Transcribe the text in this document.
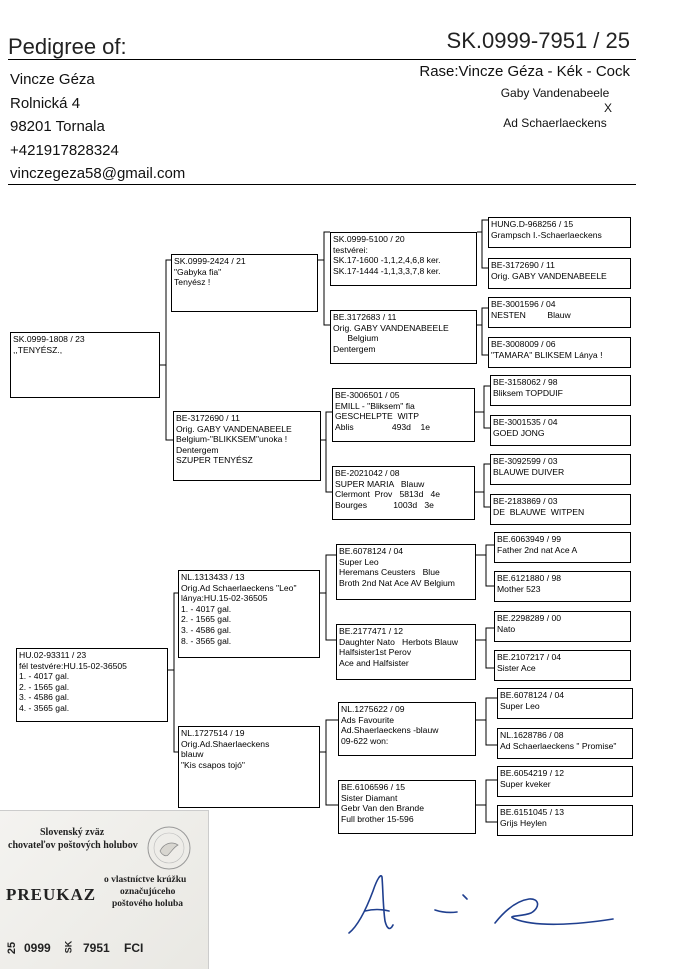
Pedigree of:	SK.0999-7951 / 25
Vincze Géza
Rolnická 4
98201 Tornala
+421917828324
vinczegeza58@gmail.com
Rase:Vincze Géza - Kék - Cock
Gaby Vandenabeele
X
Ad Schaerlaeckens
SK.0999-1808 / 23
,,TENYÉSZ.,
HU.02-93311 / 23
fél testvére:HU.15-02-36505
1. - 4017 gal.
2. - 1565 gal.
3. - 4586 gal.
4. - 3565 gal.
SK.0999-2424 / 21
"Gabyka fia"
Tenyész !
BE-3172690 / 11
Orig. GABY VANDENABEELE
Belgium-"BLIKKSEM"unoka !
Dentergem
SZUPER TENYÉSZ
NL.1313433 / 13
Orig.Ad Schaerlaeckens "Leo"
lánya:HU.15-02-36505
1. - 4017 gal.
2. - 1565 gal.
3. - 4586 gal.
8. - 3565 gal.
NL.1727514 / 19
Orig.Ad.Shaerlaeckens
blauw
"Kis csapos tojó"
SK.0999-5100 / 20
testvérei:
SK.17-1600 -1,1,2,4,6,8 ker.
SK.17-1444 -1,1,3,3,7,8 ker.
BE.3172683 / 11
Orig. GABY VANDENABEELE
Belgium
Dentergem
BE-3006501 / 05
EMILL - "Bliksem" fia
GESCHELPTE  WITP
Ablis                493d    1e
BE-2021042 / 08
SUPER MARIA   Blauw
Clermont  Prov   5813d   4e
Bourges           1003d   3e
BE.6078124 / 04
Super Leo
Heremans Ceusters   Blue
Broth 2nd Nat Ace AV Belgium
BE.2177471 / 12
Daughter Nato   Herbots Blauw
Halfsister1st Perov
Ace and Halfsister
NL.1275622 / 09
Ads Favourite
Ad.Shaerlaeckens -blauw
09-622 won:
BE.6106596 / 15
Sister Diamant
Gebr Van den Brande
Full brother 15-596
HUNG.D-968256 / 15
Grampsch I.-Schaerlaeckens
BE-3172690 / 11
Orig. GABY VANDENABEELE
BE-3001596 / 04
NESTEN         Blauw
BE-3008009 / 06
"TAMARA" BLIKSEM Lánya !
BE-3158062 / 98
Bliksem TOPDUIF
BE-3001535 / 04
GOED JONG
BE-3092599 / 03
BLAUWE DUIVER
BE-2183869 / 03
DE  BLAUWE  WITPEN
BE.6063949 / 99
Father 2nd nat Ace A
BE.6121880 / 98
Mother 523
BE.2298289 / 00
Nato
BE.2107217 / 04
Sister Ace
BE.6078124 / 04
Super Leo
NL.1628786 / 08
Ad Schaerlaeckens " Promise"
BE.6054219 / 12
Super kveker
BE.6151045 / 13
Grijs Heylen
Slovenský zväz
chovateľov poštových holubov
PREUKAZ
o vlastníctve krúžku
označujúceho
poštového holuba
25 0999 SK 7951 FCI
